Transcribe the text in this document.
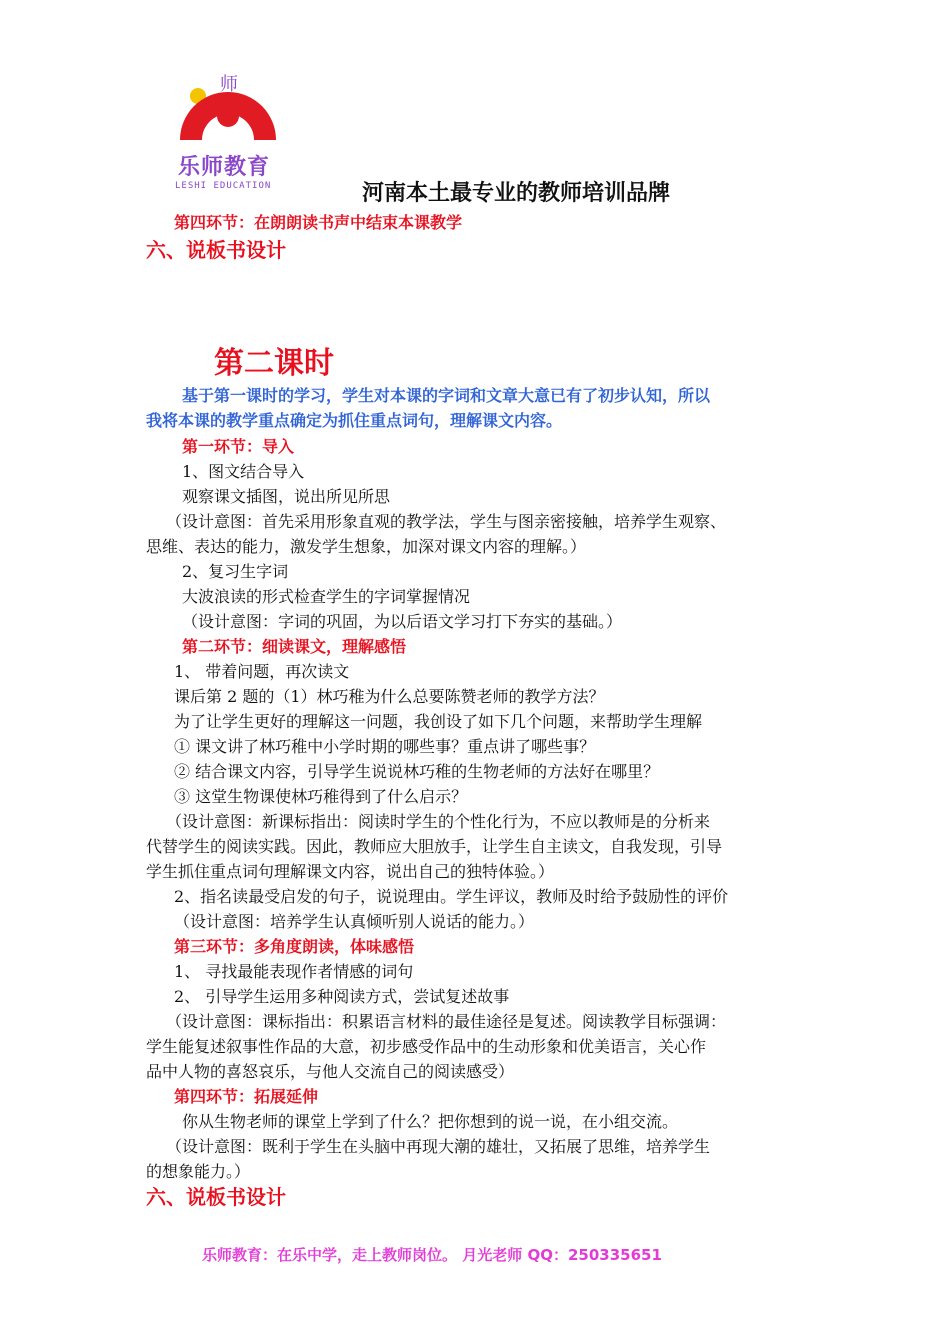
师
乐师教育
LESHI EDUCATION	河南本土最专业的教师培训品牌
第四环节：在朗朗读书声中结束本课教学
六、说板书设计
第二课时
基于第一课时的学习，学生对本课的字词和文章大意已有了初步认知，所以
我将本课的教学重点确定为抓住重点词句，理解课文内容。
第一环节：导入
1、图文结合导入
观察课文插图，说出所见所思
（设计意图：首先采用形象直观的教学法，学生与图亲密接触，培养学生观察、
思维、表达的能力，激发学生想象，加深对课文内容的理解。）
2、复习生字词
大波浪读的形式检查学生的字词掌握情况
（设计意图：字词的巩固，为以后语文学习打下夯实的基础。）
第二环节：细读课文，理解感悟
1、 带着问题，再次读文
课后第 2 题的（1）林巧稚为什么总要陈赞老师的教学方法？
为了让学生更好的理解这一问题，我创设了如下几个问题，来帮助学生理解
① 课文讲了林巧稚中小学时期的哪些事？重点讲了哪些事？
② 结合课文内容，引导学生说说林巧稚的生物老师的方法好在哪里？
③ 这堂生物课使林巧稚得到了什么启示？
（设计意图：新课标指出：阅读时学生的个性化行为，不应以教师是的分析来
代替学生的阅读实践。因此，教师应大胆放手，让学生自主读文，自我发现，引导
学生抓住重点词句理解课文内容，说出自己的独特体验。）
2、指名读最受启发的句子，说说理由。学生评议，教师及时给予鼓励性的评价
（设计意图：培养学生认真倾听别人说话的能力。）
第三环节：多角度朗读，体味感悟
1、 寻找最能表现作者情感的词句
2、 引导学生运用多种阅读方式，尝试复述故事
（设计意图：课标指出：积累语言材料的最佳途径是复述。阅读教学目标强调：
学生能复述叙事性作品的大意，初步感受作品中的生动形象和优美语言，关心作
品中人物的喜怒哀乐，与他人交流自己的阅读感受）
第四环节：拓展延伸
你从生物老师的课堂上学到了什么？把你想到的说一说，在小组交流。
（设计意图：既利于学生在头脑中再现大潮的雄壮，又拓展了思维，培养学生
的想象能力。）
六、说板书设计
乐师教育：在乐中学，走上教师岗位。 月光老师 QQ：250335651
